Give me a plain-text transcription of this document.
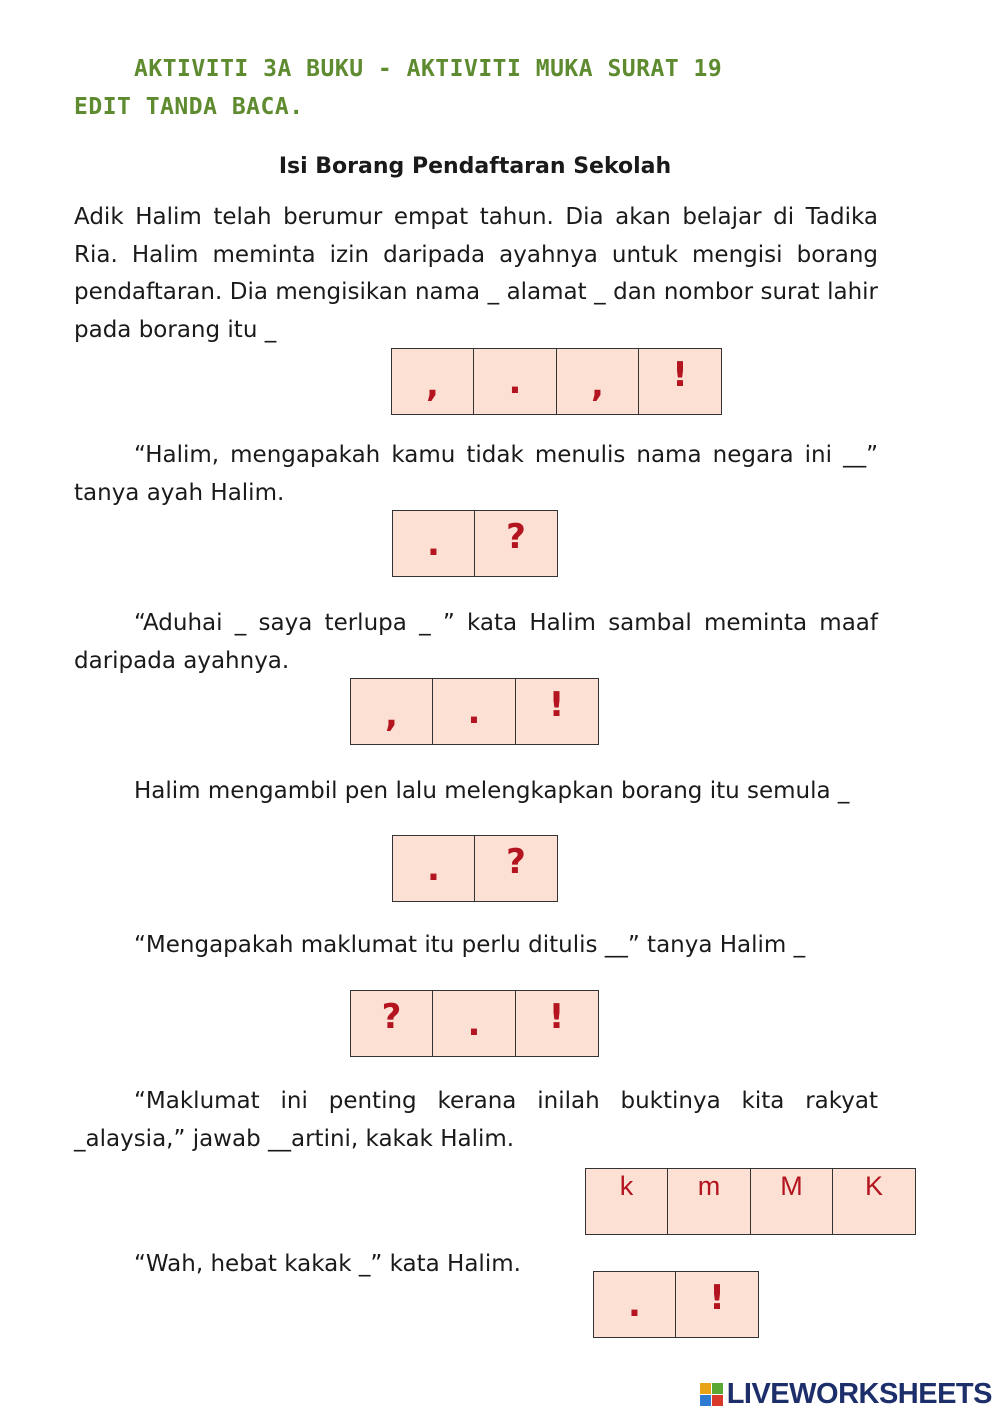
AKTIVITI 3A BUKU - AKTIVITI MUKA SURAT 19
EDIT TANDA BACA.
Isi Borang Pendaftaran Sekolah
Adik Halim telah berumur empat tahun. Dia akan belajar di Tadika Ria. Halim meminta izin daripada ayahnya untuk mengisi borang pendaftaran. Dia mengisikan nama _ alamat _ dan nombor surat lahir pada borang itu _
, . , !
“Halim, mengapakah kamu tidak menulis nama negara ini __” tanya ayah Halim.
. ?
“Aduhai _ saya terlupa _ ” kata Halim sambal meminta maaf daripada ayahnya.
, . !
Halim mengambil pen lalu melengkapkan borang itu semula _
. ?
“Mengapakah maklumat itu perlu ditulis __” tanya Halim _
? . !
“Maklumat ini penting kerana inilah buktinya kita rakyat _alaysia,” jawab __artini, kakak Halim.
k m M K
“Wah, hebat kakak _” kata Halim.
. !
LIVEWORKSHEETS
